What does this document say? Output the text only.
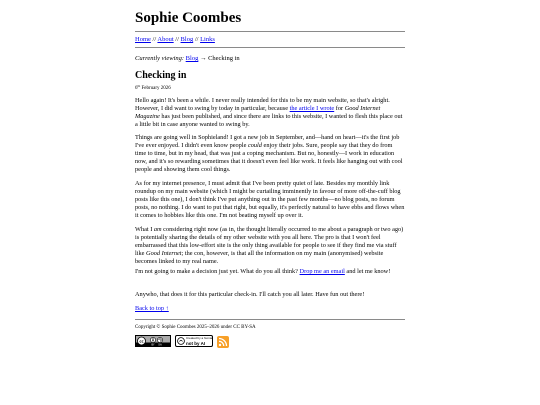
Sophie Coombes
Home // About // Blog // Links
Currently viewing: Blog → Checking in
Checking in
6th February 2026

Hello again! It's been a while. I never really intended for this to be my main website, so that's alright. However, I did want to swing by today in particular, because the article I wrote for Good Internet Magazine has just been published, and since there are links to this website, I wanted to flesh this place out a little bit in case anyone wanted to swing by.

Things are going well in Sophieland! I got a new job in September, and—hand on heart—it's the first job I've ever enjoyed. I didn't even know people could enjoy their jobs. Sure, people say that they do from time to time, but in my head, that was just a coping mechanism. But no, honestly—I work in education now, and it's so rewarding sometimes that it doesn't even feel like work. It feels like hanging out with cool people and showing them cool things.

As for my internet presence, I must admit that I've been pretty quiet of late. Besides my monthly link roundup on my main website (which I might be curtailing imminently in favour of more off-the-cuff blog posts like this one), I don't think I've put anything out in the past few months—no blog posts, no forum posts, no nothing. I do want to put that right, but equally, it's perfectly natural to have ebbs and flows when it comes to hobbies like this one. I'm not beating myself up over it.

What I am considering right now (as in, the thought literally occurred to me about a paragraph or two ago) is potentially sharing the details of my other website with you all here. The pro is that I won't feel embarrassed that this low-effort site is the only thing available for people to see if they find me via stuff like Good Internet; the con, however, is that all the information on my main (anonymised) website becomes linked to my real name.

I'm not going to make a decision just yet. What do you all think? Drop me an email and let me know!

Anywho, that does it for this particular check-in. I'll catch you all later. Have fun out there!

Back to top ↑
Copyright © Sophie Coombes 2025–2026 under CC BY-SA
cc
BY SA
Created by a human
not by AI
